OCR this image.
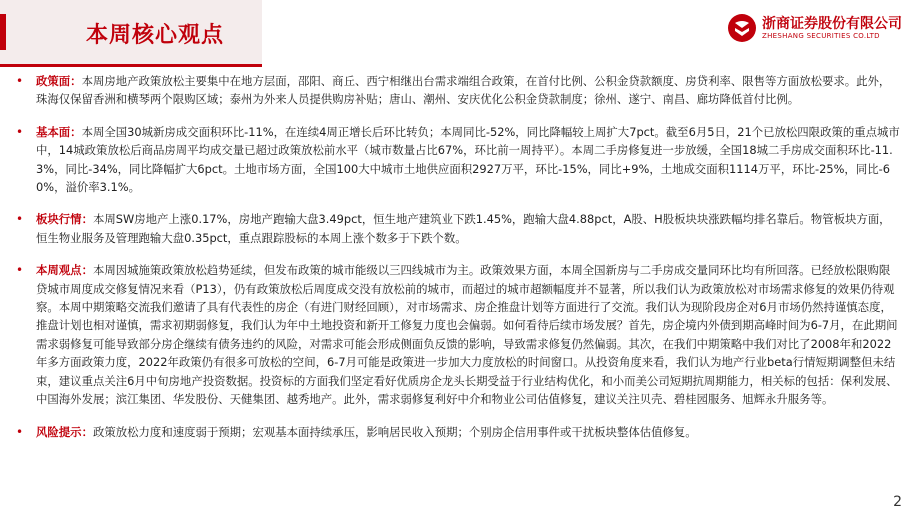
本周核心观点	浙商证券股份有限公司
ZHESHANG SECURITIES CO.LTD
• 政策面：本周房地产政策放松主要集中在地方层面，邵阳、商丘、西宁相继出台需求端组合政策，在首付比例、公积金贷款额度、房贷利率、限售等方面放松要求。此外，珠海仅保留香洲和横琴两个限购区域；泰州为外来人员提供购房补贴；唐山、潮州、安庆优化公积金贷款制度；徐州、遂宁、南昌、廊坊降低首付比例。
• 基本面：本周全国30城新房成交面积环比-11%，在连续4周正增长后环比转负；本周同比-52%，同比降幅较上周扩大7pct。截至6月5日，21个已放松四限政策的重点城市中，14城政策放松后商品房周平均成交量已超过政策放松前水平（城市数量占比67%，环比前一周持平）。本周二手房修复进一步放缓，全国18城二手房成交面积环比-11.3%，同比-34%，同比降幅扩大6pct。土地市场方面，全国100大中城市土地供应面积2927万平，环比-15%，同比+9%，土地成交面积1114万平，环比-25%，同比-60%，溢价率3.1%。
• 板块行情：本周SW房地产上涨0.17%，房地产跑输大盘3.49pct，恒生地产建筑业下跌1.45%，跑输大盘4.88pct，A股、H股板块块涨跌幅均排名靠后。物管板块方面，恒生物业服务及管理跑输大盘0.35pct，重点跟踪股标的本周上涨个数多于下跌个数。
• 本周观点：本周因城施策政策放松趋势延续，但发布政策的城市能级以三四线城市为主。政策效果方面，本周全国新房与二手房成交量同环比均有所回落。已经放松限购限贷城市周度成交修复情况来看（P13），仍有政策放松后周度成交没有放松前的城市，而超过的城市超额幅度并不显著，所以我们认为政策放松对市场需求修复的效果仍待观察。本周中期策略交流我们邀请了具有代表性的房企（有进门财经回顾），对市场需求、房企推盘计划等方面进行了交流。我们认为现阶段房企对6月市场仍然持谨慎态度，推盘计划也相对谨慎，需求初期弱修复，我们认为年中土地投资和新开工修复力度也会偏弱。如何看待后续市场发展？首先，房企境内外债到期高峰时间为6-7月，在此期间需求弱修复可能导致部分房企继续有债务违约的风险，对需求可能会形成侧面负反馈的影响，导致需求修复仍然偏弱。其次，在我们中期策略中我们对比了2008年和2022年多方面政策力度，2022年政策仍有很多可放松的空间，6-7月可能是政策进一步加大力度放松的时间窗口。从投资角度来看，我们认为地产行业beta行情短期调整但未结束，建议重点关注6月中旬房地产投资数据。投资标的方面我们坚定看好优质房企龙头长期受益于行业结构优化，和小而美公司短期抗周期能力，相关标的包括：保利发展、中国海外发展；滨江集团、华发股份、天健集团、越秀地产。此外，需求弱修复利好中介和物业公司估值修复，建议关注贝壳、碧桂园服务、旭辉永升服务等。
• 风险提示：政策放松力度和速度弱于预期；宏观基本面持续承压，影响居民收入预期；个别房企信用事件或干扰板块整体估值修复。
2
